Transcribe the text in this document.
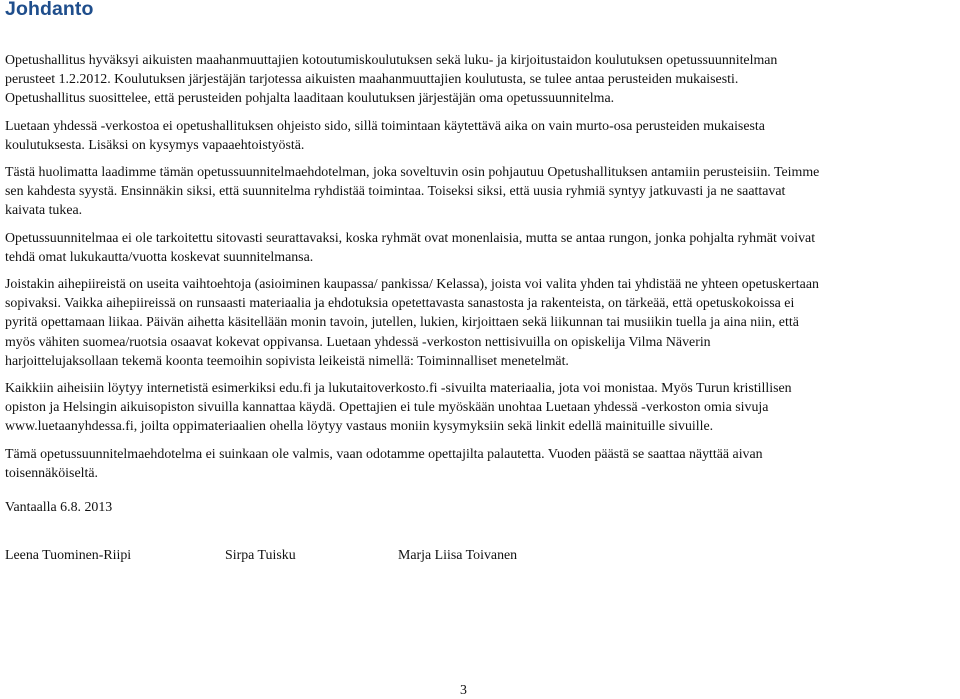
Johdanto

Opetushallitus hyväksyi aikuisten maahanmuuttajien kotoutumiskoulutuksen sekä luku- ja kirjoitustaidon koulutuksen opetussuunnitelman
perusteet 1.2.2012. Koulutuksen järjestäjän tarjotessa aikuisten maahanmuuttajien koulutusta, se tulee antaa perusteiden mukaisesti.
Opetushallitus suosittelee, että perusteiden pohjalta laaditaan koulutuksen järjestäjän oma opetussuunnitelma.

Luetaan yhdessä -verkostoa ei opetushallituksen ohjeisto sido, sillä toimintaan käytettävä aika on vain murto-osa perusteiden mukaisesta
koulutuksesta. Lisäksi on kysymys vapaaehtoistyöstä.

Tästä huolimatta laadimme tämän opetussuunnitelmaehdotelman, joka soveltuvin osin pohjautuu Opetushallituksen antamiin perusteisiin. Teimme
sen kahdesta syystä. Ensinnäkin siksi, että suunnitelma ryhdistää toimintaa. Toiseksi siksi, että uusia ryhmiä syntyy jatkuvasti ja ne saattavat
kaivata tukea.

Opetussuunnitelmaa ei ole tarkoitettu sitovasti seurattavaksi, koska ryhmät ovat monenlaisia, mutta se antaa rungon, jonka pohjalta ryhmät voivat
tehdä omat lukukautta/vuotta koskevat suunnitelmansa.

Joistakin aihepiireistä on useita vaihtoehtoja (asioiminen kaupassa/ pankissa/ Kelassa), joista voi valita yhden tai yhdistää ne yhteen opetuskertaan
sopivaksi. Vaikka aihepiireissä on runsaasti materiaalia ja ehdotuksia opetettavasta sanastosta ja rakenteista, on tärkeää, että opetuskokoissa ei
pyritä opettamaan liikaa. Päivän aihetta käsitellään monin tavoin, jutellen, lukien, kirjoittaen sekä liikunnan tai musiikin tuella ja aina niin, että
myös vähiten suomea/ruotsia osaavat kokevat oppivansa. Luetaan yhdessä -verkoston nettisivuilla on opiskelija Vilma Näverin
harjoittelujaksollaan tekemä koonta teemoihin sopivista leikeistä nimellä: Toiminnalliset menetelmät.

Kaikkiin aiheisiin löytyy internetistä esimerkiksi edu.fi ja lukutaitoverkosto.fi -sivuilta materiaalia, jota voi monistaa. Myös Turun kristillisen
opiston ja Helsingin aikuisopiston sivuilla kannattaa käydä. Opettajien ei tule myöskään unohtaa Luetaan yhdessä -verkoston omia sivuja
www.luetaanyhdessa.fi, joilta oppimateriaalien ohella löytyy vastaus moniin kysymyksiin sekä linkit edellä mainituille sivuille.

Tämä opetussuunnitelmaehdotelma ei suinkaan ole valmis, vaan odotamme opettajilta palautetta. Vuoden päästä se saattaa näyttää aivan
toisennäköiseltä.

Vantaalla 6.8. 2013
Leena Tuominen-Riipi	Sirpa Tuisku	Marja Liisa Toivanen
3
